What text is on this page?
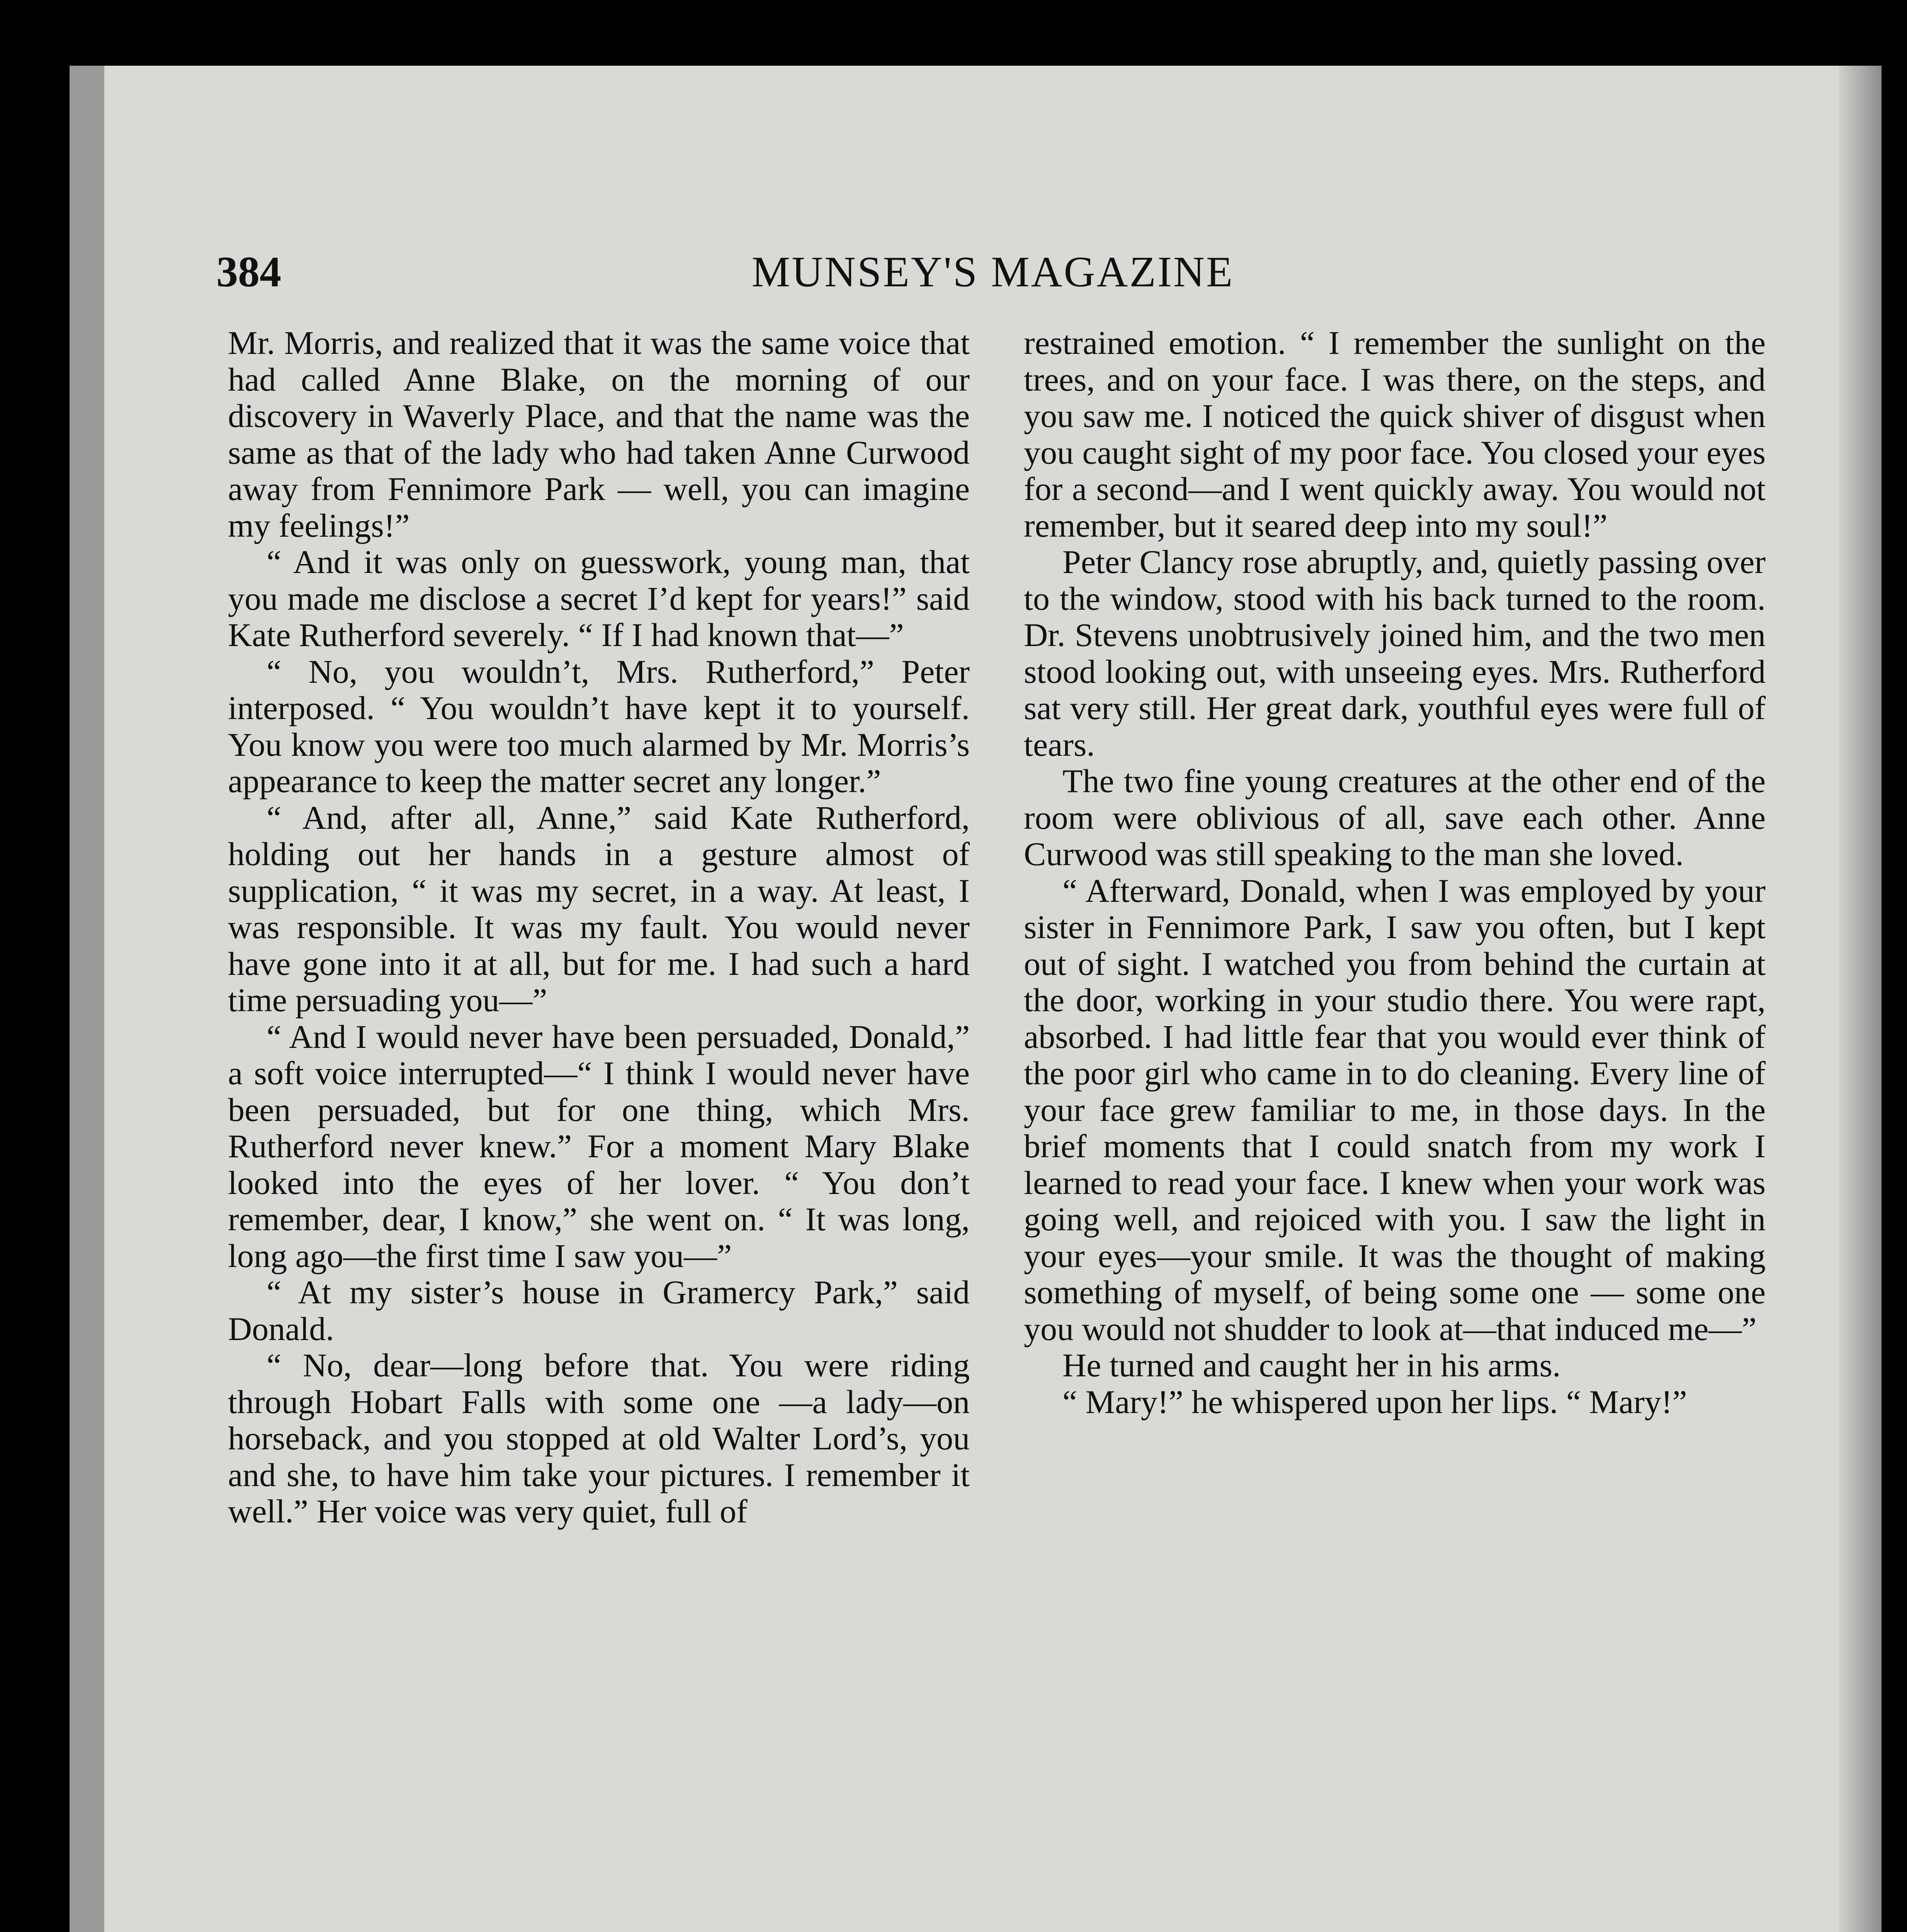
384	MUNSEY'S MAGAZINE

Mr. Morris, and realized that it was the same voice that had called Anne Blake, on the morning of our discovery in Waverly Place, and that the name was the same as that of the lady who had taken Anne Curwood away from Fennimore Park — well, you can imagine my feelings!”

“ And it was only on guesswork, young man, that you made me disclose a secret I’d kept for years!” said Kate Rutherford severely. “ If I had known that—”

“ No, you wouldn’t, Mrs. Rutherford,” Peter interposed. “ You wouldn’t have kept it to yourself. You know you were too much alarmed by Mr. Morris’s appearance to keep the matter secret any longer.”

“ And, after all, Anne,” said Kate Rutherford, holding out her hands in a gesture almost of supplication, “ it was my secret, in a way. At least, I was responsible. It was my fault. You would never have gone into it at all, but for me. I had such a hard time persuading you—”

“ And I would never have been persuaded, Donald,” a soft voice interrupted—“ I think I would never have been persuaded, but for one thing, which Mrs. Rutherford never knew.” For a moment Mary Blake looked into the eyes of her lover. “ You don’t remember, dear, I know,” she went on. “ It was long, long ago—the first time I saw you—”

“ At my sister’s house in Gramercy Park,” said Donald.

“ No, dear—long before that. You were riding through Hobart Falls with some one —a lady—on horseback, and you stopped at old Walter Lord’s, you and she, to have him take your pictures. I remember it well.” Her voice was very quiet, full of

restrained emotion. “ I remember the sunlight on the trees, and on your face. I was there, on the steps, and you saw me. I noticed the quick shiver of disgust when you caught sight of my poor face. You closed your eyes for a second—and I went quickly away. You would not remember, but it seared deep into my soul!”

Peter Clancy rose abruptly, and, quietly passing over to the window, stood with his back turned to the room. Dr. Stevens unobtrusively joined him, and the two men stood looking out, with unseeing eyes. Mrs. Rutherford sat very still. Her great dark, youthful eyes were full of tears.

The two fine young creatures at the other end of the room were oblivious of all, save each other. Anne Curwood was still speaking to the man she loved.

“ Afterward, Donald, when I was employed by your sister in Fennimore Park, I saw you often, but I kept out of sight. I watched you from behind the curtain at the door, working in your studio there. You were rapt, absorbed. I had little fear that you would ever think of the poor girl who came in to do cleaning. Every line of your face grew familiar to me, in those days. In the brief moments that I could snatch from my work I learned to read your face. I knew when your work was going well, and rejoiced with you. I saw the light in your eyes—your smile. It was the thought of making something of myself, of being some one — some one you would not shudder to look at—that induced me—”

He turned and caught her in his arms.

“ Mary!” he whispered upon her lips. “ Mary!”
